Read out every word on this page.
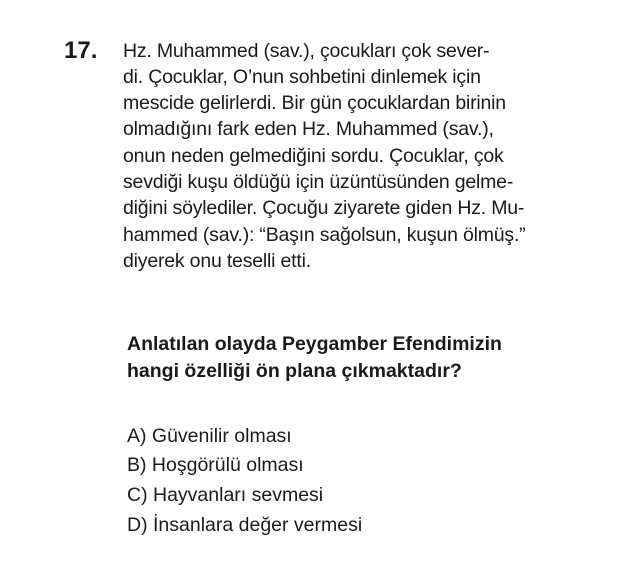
17. Hz. Muhammed (sav.), çocukları çok sever-
di. Çocuklar, O’nun sohbetini dinlemek için
mescide gelirlerdi. Bir gün çocuklardan birinin
olmadığını fark eden Hz. Muhammed (sav.),
onun neden gelmediğini sordu. Çocuklar, çok
sevdiği kuşu öldüğü için üzüntüsünden gelme-
diğini söylediler. Çocuğu ziyarete giden Hz. Mu-
hammed (sav.): “Başın sağolsun, kuşun ölmüş.”
diyerek onu teselli etti.
Anlatılan olayda Peygamber Efendimizin
hangi özelliği ön plana çıkmaktadır?
A) Güvenilir olması
B) Hoşgörülü olması
C) Hayvanları sevmesi
D) İnsanlara değer vermesi
